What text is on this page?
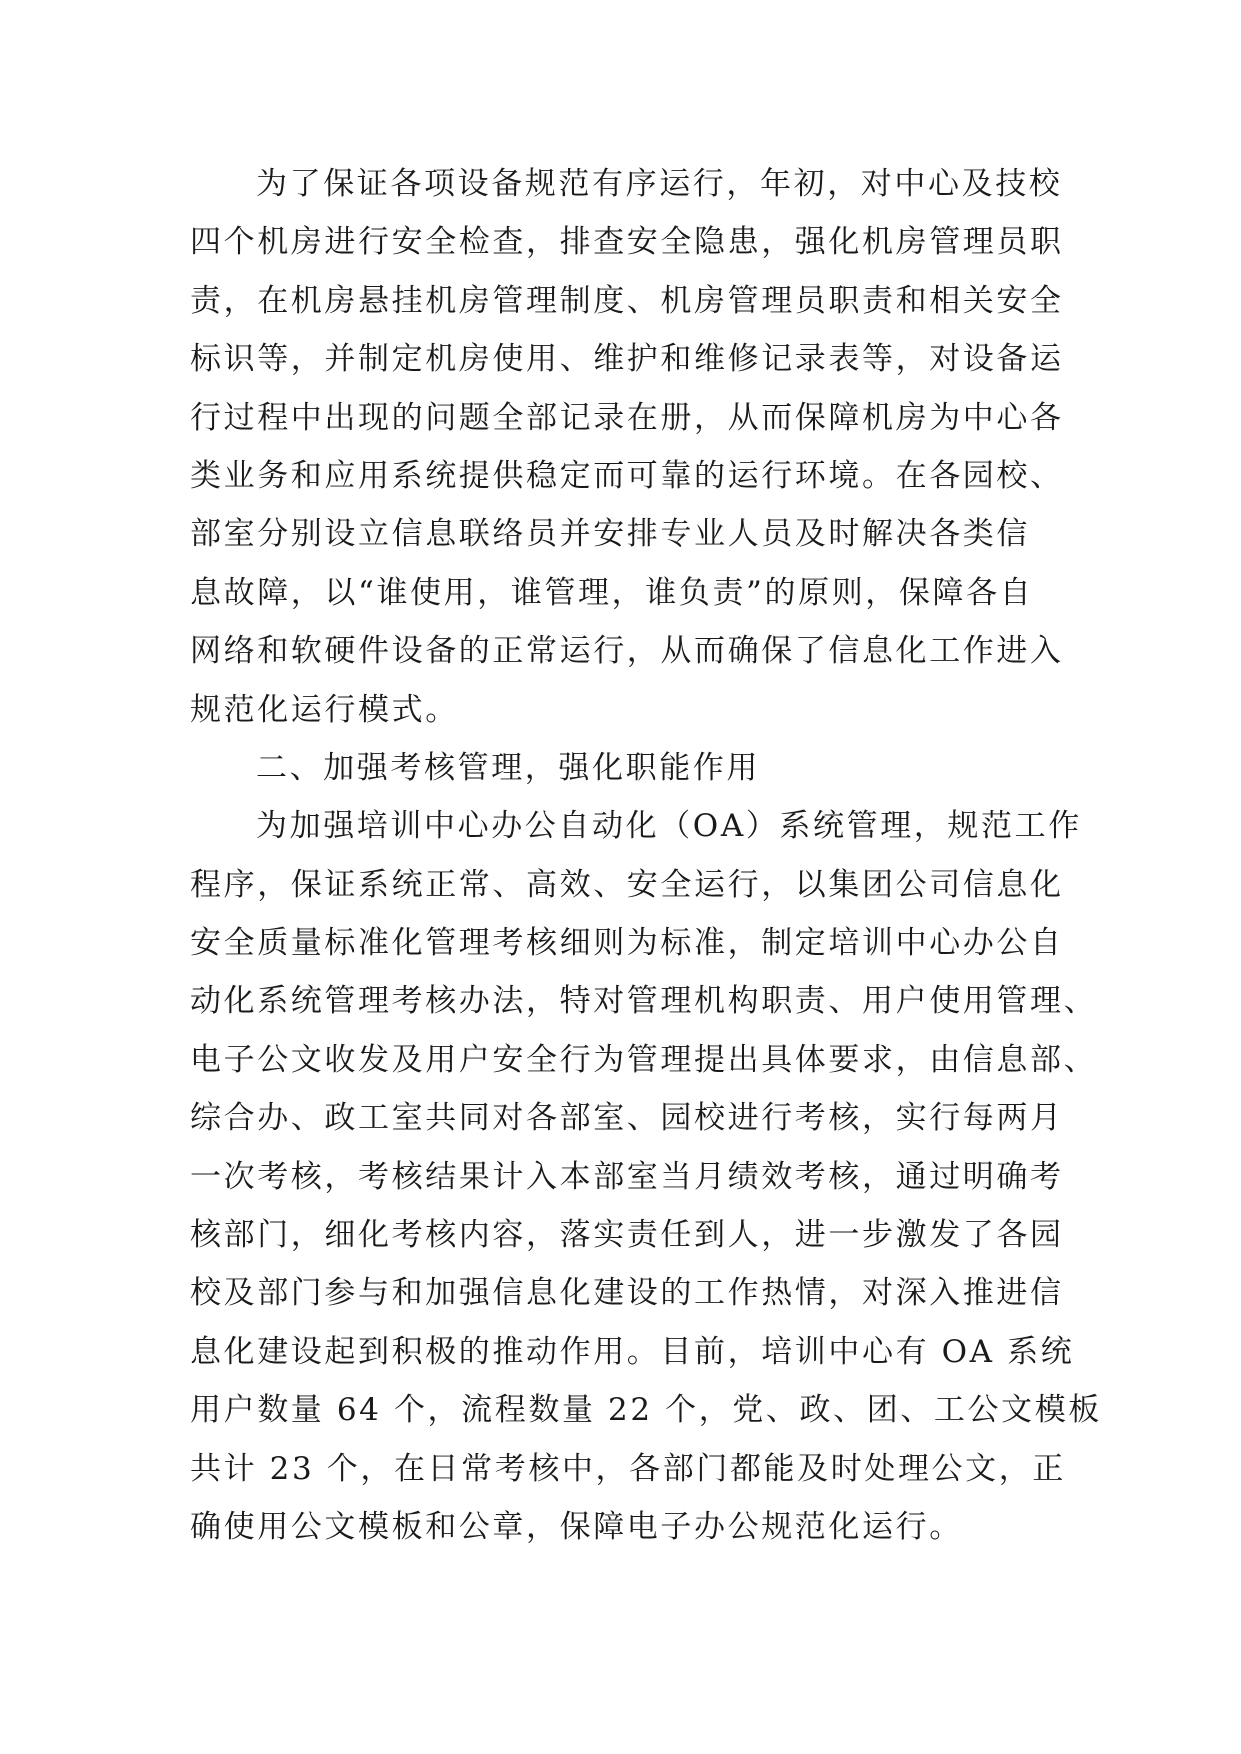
为了保证各项设备规范有序运行，年初，对中心及技校
四个机房进行安全检查，排查安全隐患，强化机房管理员职
责，在机房悬挂机房管理制度、机房管理员职责和相关安全
标识等，并制定机房使用、维护和维修记录表等，对设备运
行过程中出现的问题全部记录在册，从而保障机房为中心各
类业务和应用系统提供稳定而可靠的运行环境。在各园校、
部室分别设立信息联络员并安排专业人员及时解决各类信
息故障，以“谁使用，谁管理，谁负责”的原则，保障各自
网络和软硬件设备的正常运行，从而确保了信息化工作进入
规范化运行模式。
二、加强考核管理，强化职能作用
为加强培训中心办公自动化（OA）系统管理，规范工作
程序，保证系统正常、高效、安全运行，以集团公司信息化
安全质量标准化管理考核细则为标准，制定培训中心办公自
动化系统管理考核办法，特对管理机构职责、用户使用管理、
电子公文收发及用户安全行为管理提出具体要求，由信息部、
综合办、政工室共同对各部室、园校进行考核，实行每两月
一次考核，考核结果计入本部室当月绩效考核，通过明确考
核部门，细化考核内容，落实责任到人，进一步激发了各园
校及部门参与和加强信息化建设的工作热情，对深入推进信
息化建设起到积极的推动作用。目前，培训中心有 OA 系统
用户数量 64 个，流程数量 22 个，党、政、团、工公文模板
共计 23 个，在日常考核中，各部门都能及时处理公文，正
确使用公文模板和公章，保障电子办公规范化运行。
